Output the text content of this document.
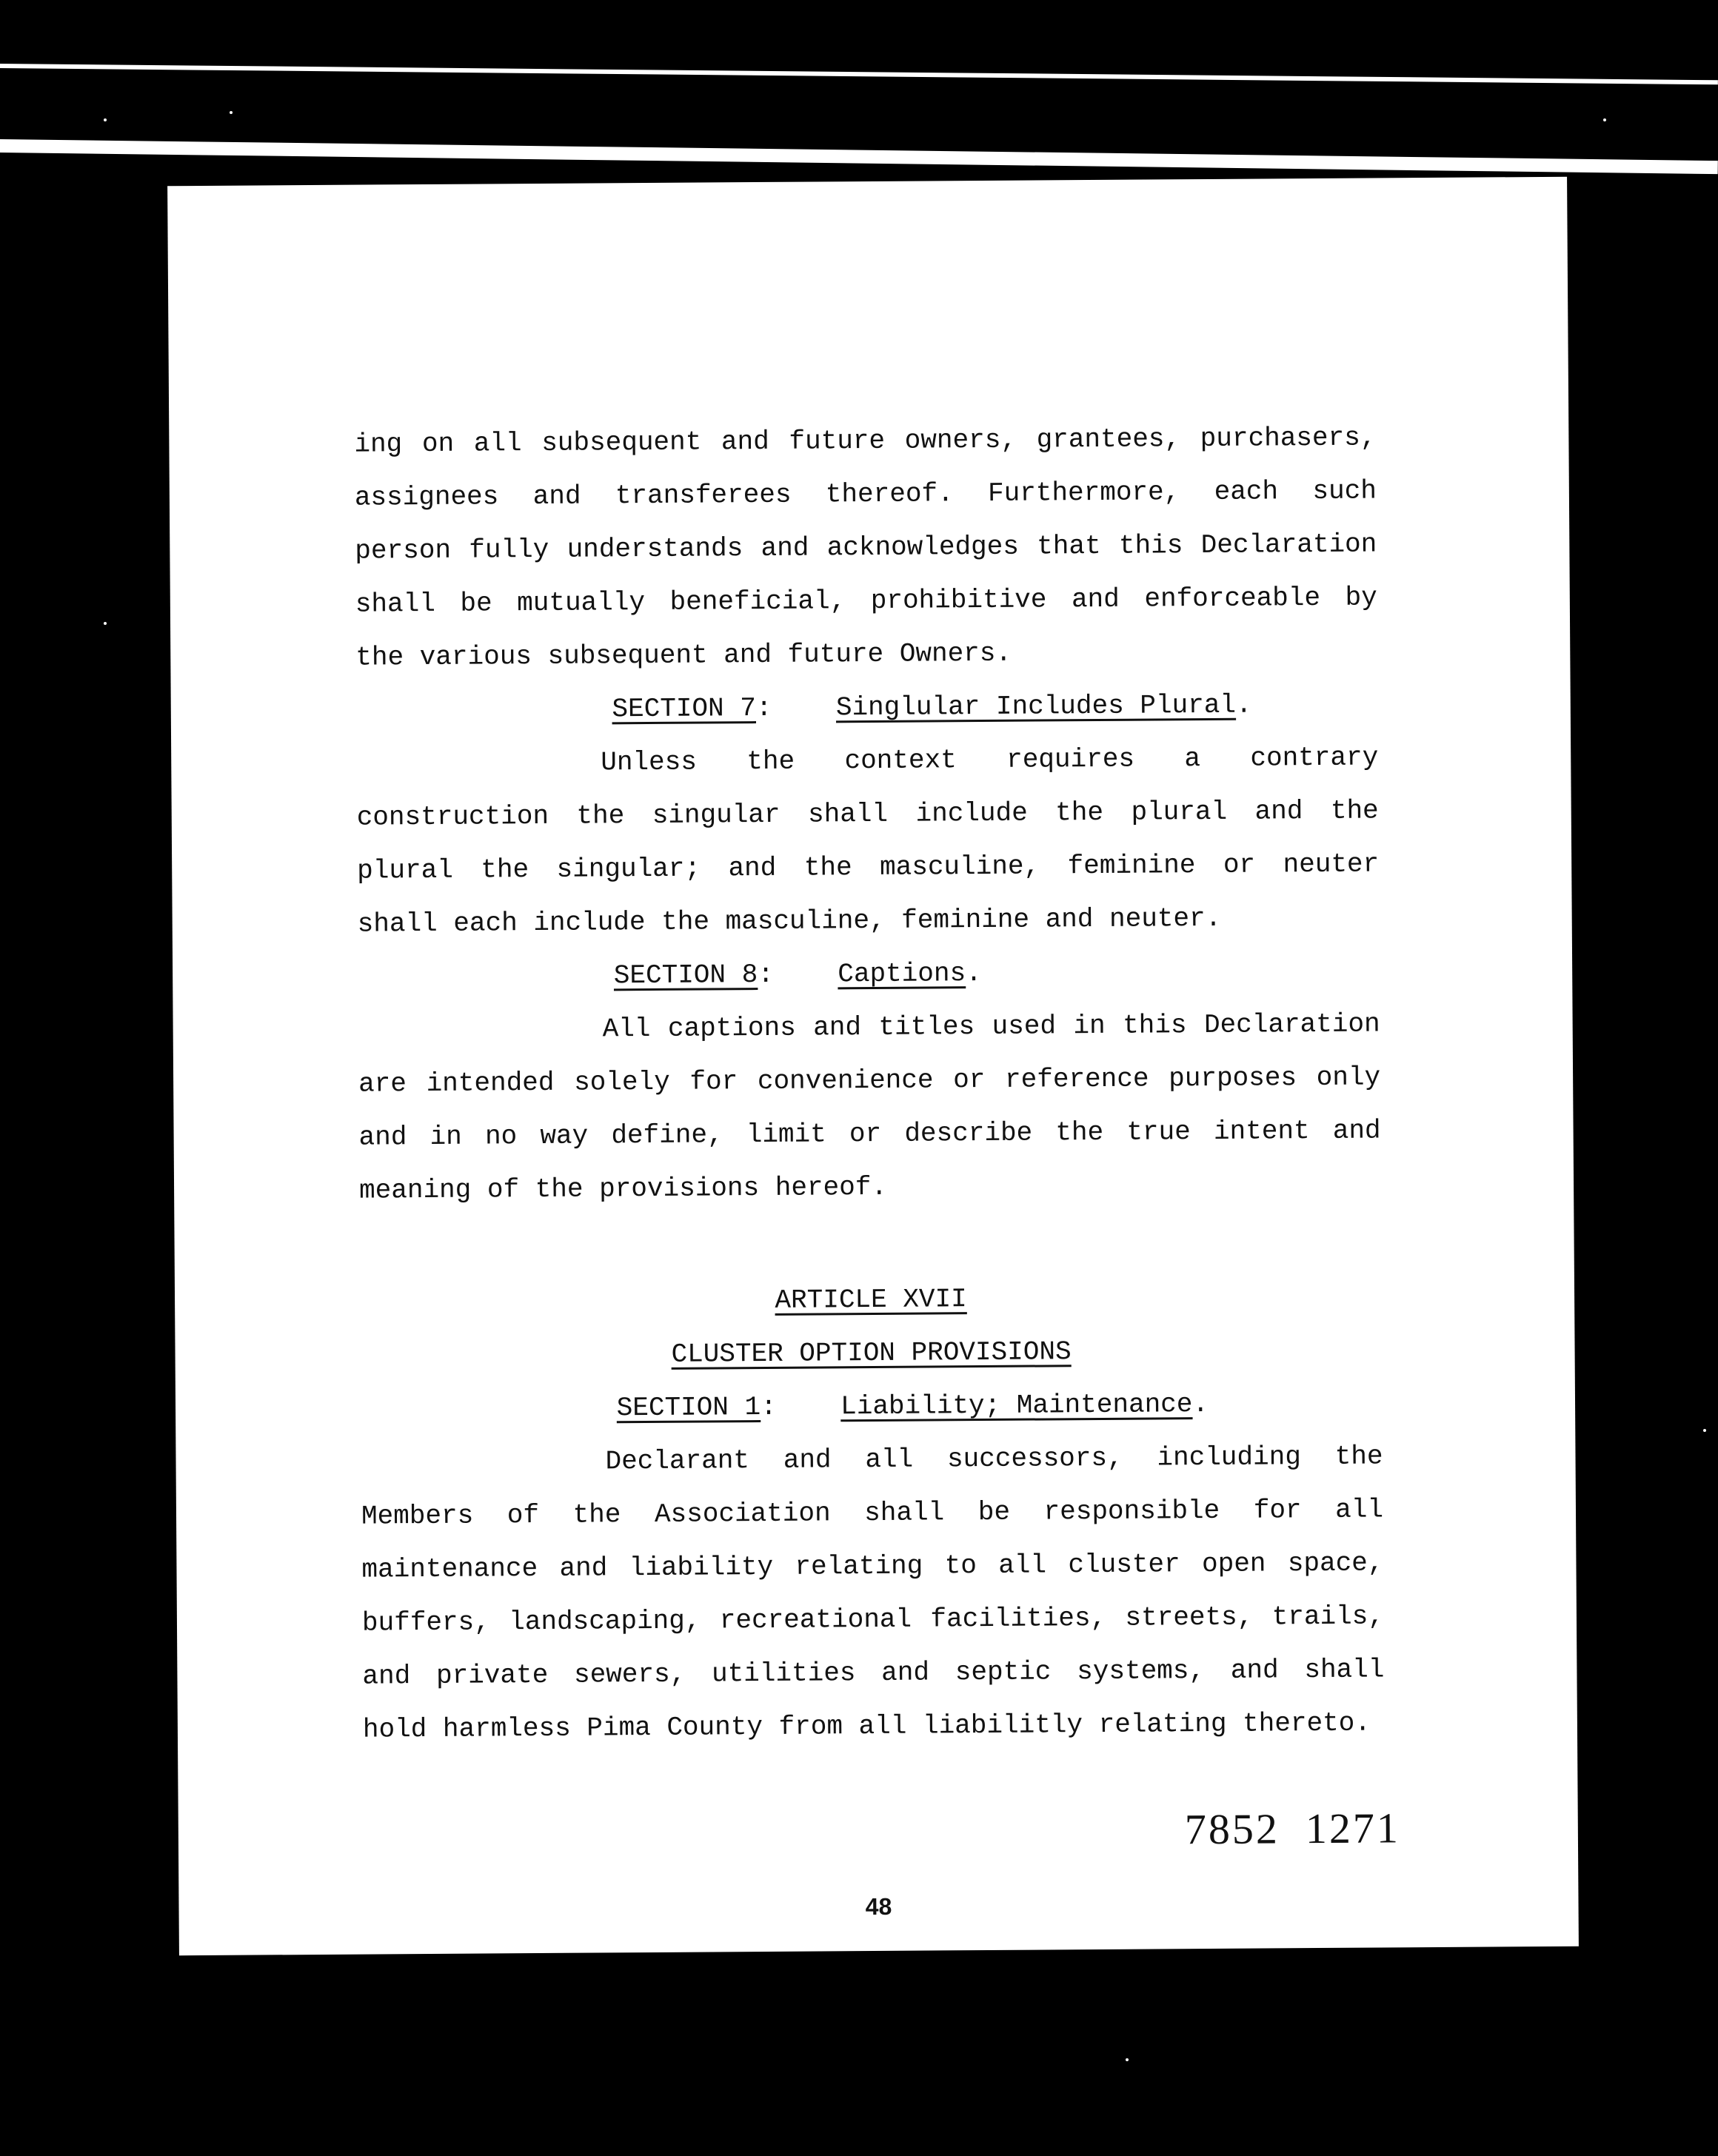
ing on all subsequent and future owners, grantees, purchasers, assignees and transferees thereof. Furthermore, each such person fully understands and acknowledges that this Declaration shall be mutually beneficial, prohibitive and enforceable by the various subsequent and future Owners.

SECTION 7:    Singlular Includes Plural.

Unless the context requires a contrary construction the singular shall include the plural and the plural the singular; and the masculine, feminine or neuter shall each include the masculine, feminine and neuter.

SECTION 8:    Captions.

All captions and titles used in this Declaration are intended solely for convenience or reference purposes only and in no way define, limit or describe the true intent and meaning of the provisions hereof.

ARTICLE XVII
CLUSTER OPTION PROVISIONS
SECTION 1:    Liability; Maintenance.

Declarant and all successors, including the Members of the Association shall be responsible for all maintenance and liability relating to all cluster open space, buffers, landscaping, recreational facilities, streets, trails, and private sewers, utilities and septic systems, and shall hold harmless Pima County from all liabilitly relating thereto.

7852  1271
48
